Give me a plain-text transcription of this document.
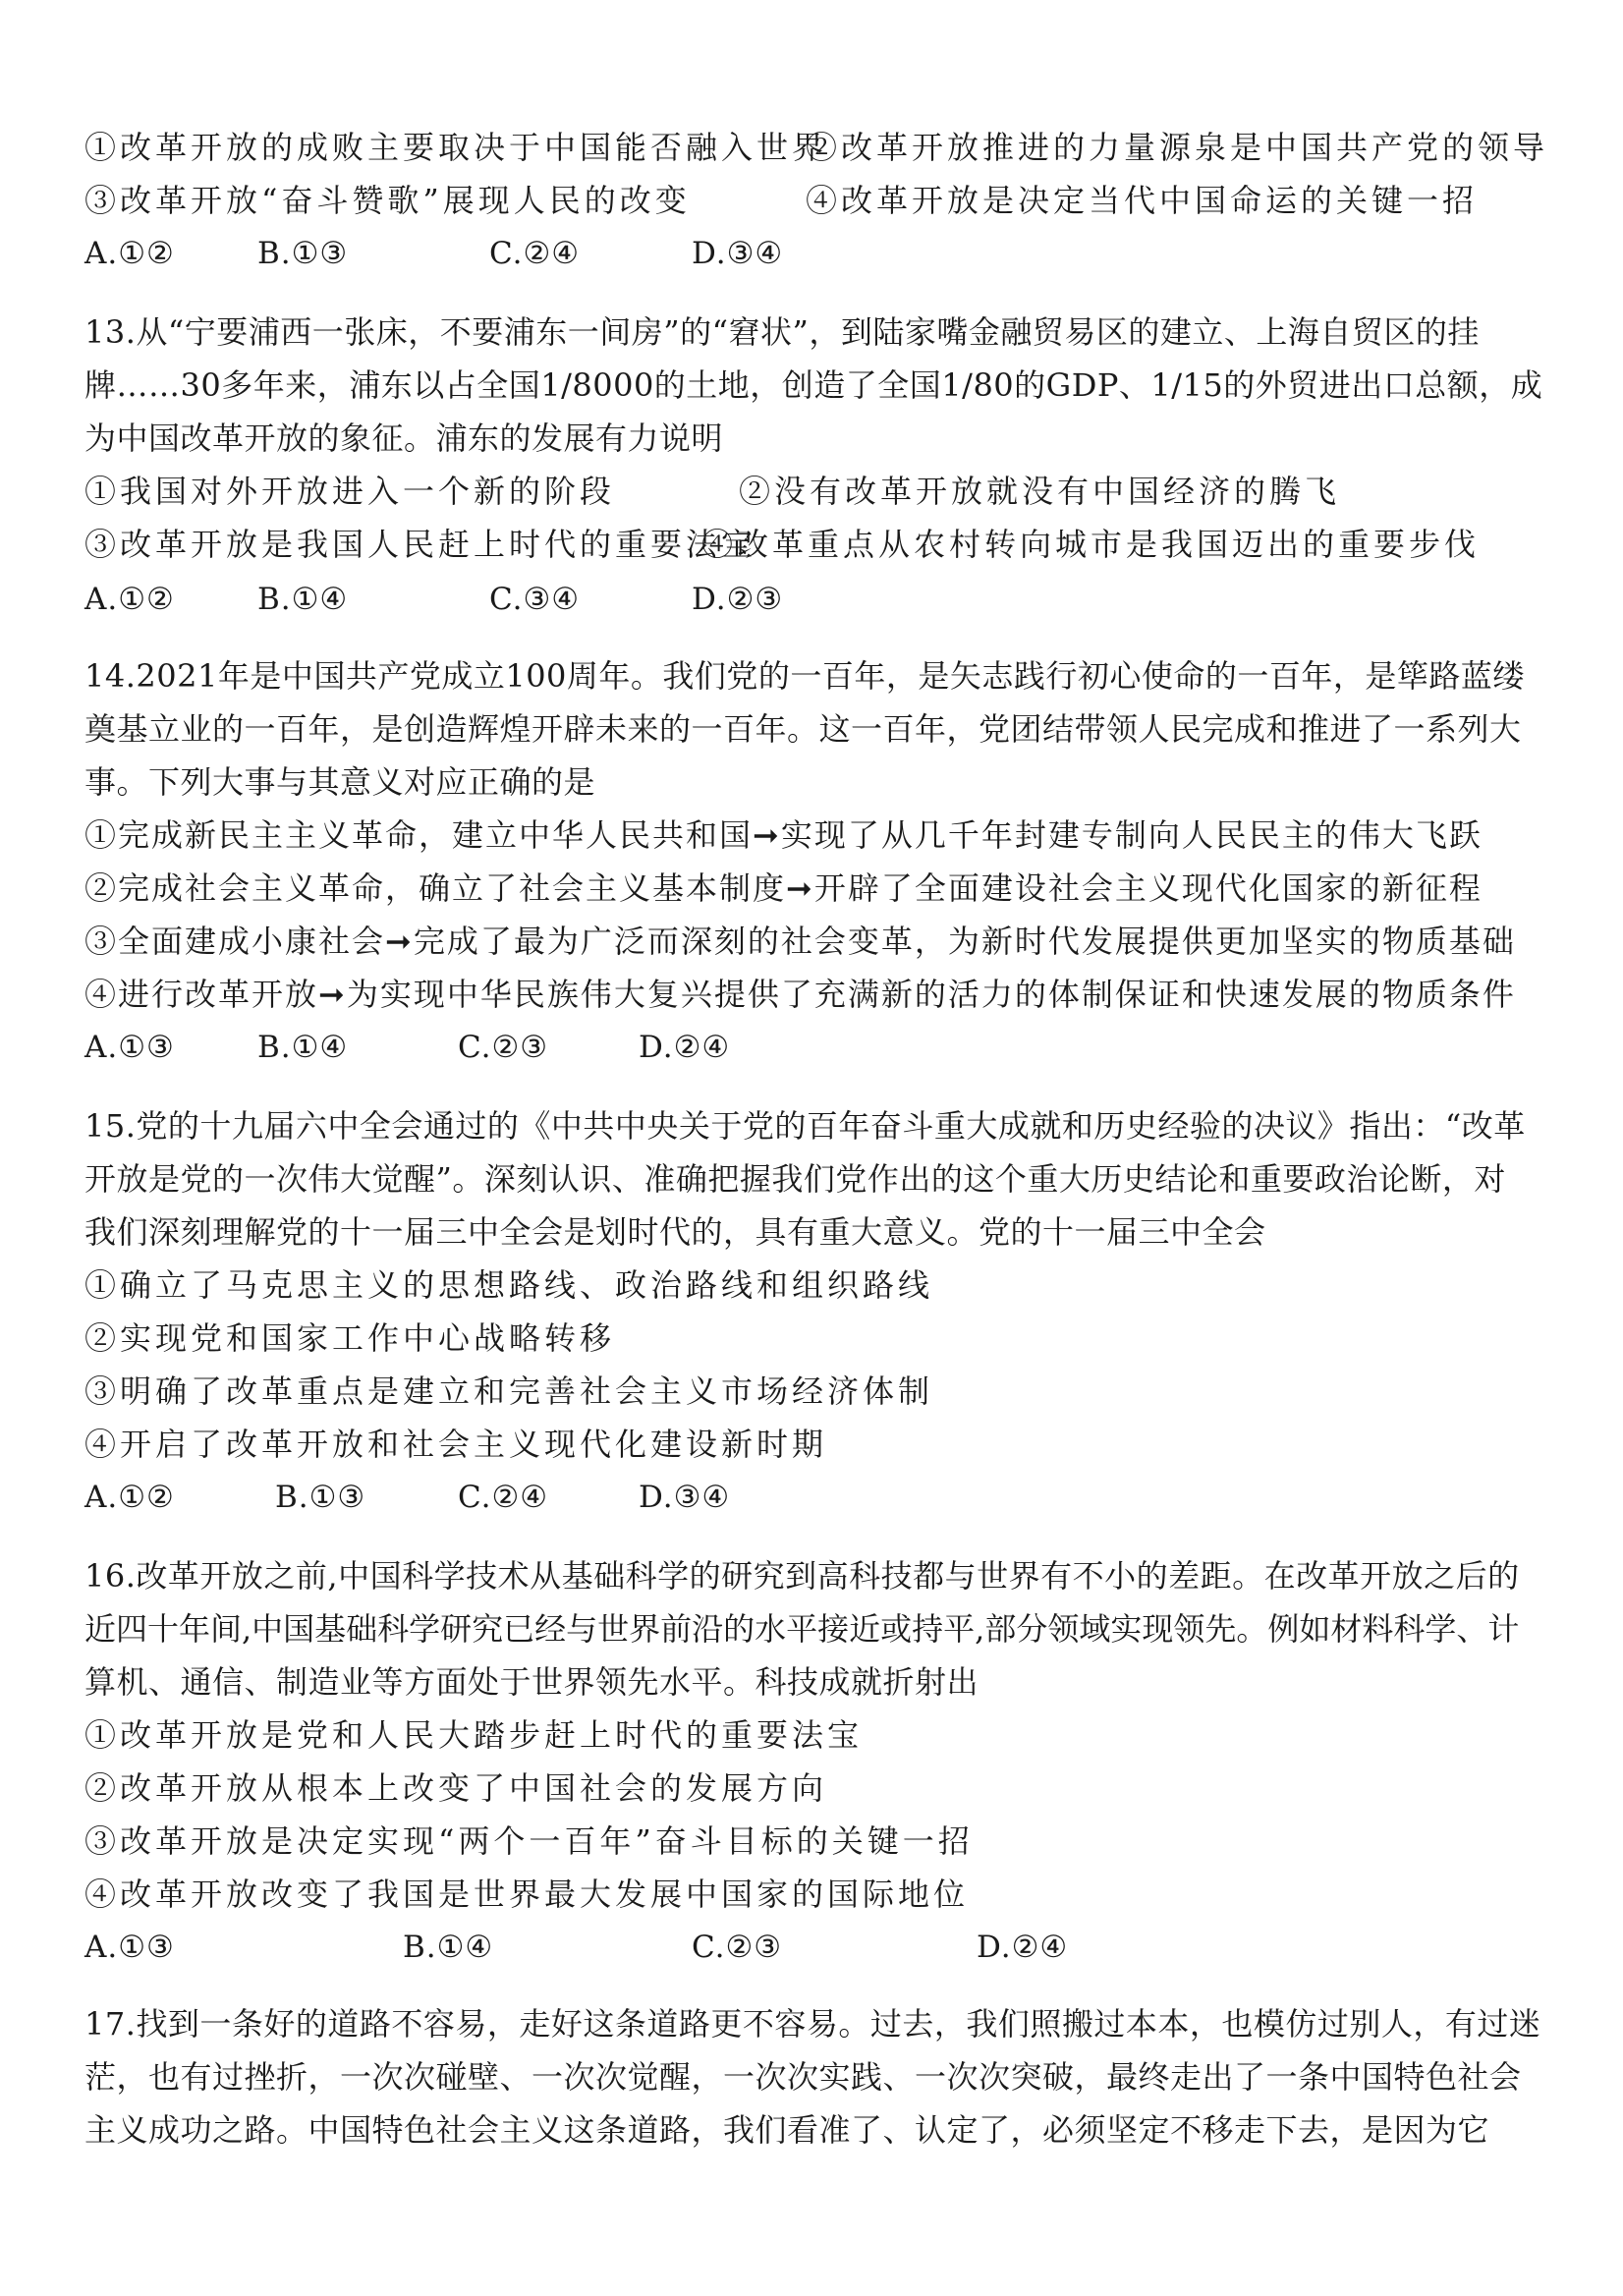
①改革开放的成败主要取决于中国能否融入世界
②改革开放推进的力量源泉是中国共产党的领导
③改革开放“奋斗赞歌”展现人民的改变	④改革开放是决定当代中国命运的关键一招
A.①②	B.①③	C.②④	D.③④
13.从“宁要浦西一张床，不要浦东一间房”的“窘状”，到陆家嘴金融贸易区的建立、上海自贸区的挂
牌……30多年来，浦东以占全国1/8000的土地，创造了全国1/80的GDP、1/15的外贸进出口总额，成
为中国改革开放的象征。浦东的发展有力说明
①我国对外开放进入一个新的阶段	②没有改革开放就没有中国经济的腾飞
③改革开放是我国人民赶上时代的重要法宝
④改革重点从农村转向城市是我国迈出的重要步伐
A.①②	B.①④	C.③④	D.②③
14.2021年是中国共产党成立100周年。我们党的一百年，是矢志践行初心使命的一百年，是筚路蓝缕
奠基立业的一百年，是创造辉煌开辟未来的一百年。这一百年，党团结带领人民完成和推进了一系列大
事。下列大事与其意义对应正确的是
①完成新民主主义革命，建立中华人民共和国➞实现了从几千年封建专制向人民民主的伟大飞跃
②完成社会主义革命，确立了社会主义基本制度➞开辟了全面建设社会主义现代化国家的新征程
③全面建成小康社会➞完成了最为广泛而深刻的社会变革，为新时代发展提供更加坚实的物质基础
④进行改革开放➞为实现中华民族伟大复兴提供了充满新的活力的体制保证和快速发展的物质条件
A.①③	B.①④	C.②③	D.②④
15.党的十九届六中全会通过的《中共中央关于党的百年奋斗重大成就和历史经验的决议》指出：“改革
开放是党的一次伟大觉醒”。深刻认识、准确把握我们党作出的这个重大历史结论和重要政治论断，对
我们深刻理解党的十一届三中全会是划时代的，具有重大意义。党的十一届三中全会
①确立了马克思主义的思想路线、政治路线和组织路线
②实现党和国家工作中心战略转移
③明确了改革重点是建立和完善社会主义市场经济体制
④开启了改革开放和社会主义现代化建设新时期
A.①②	B.①③	C.②④	D.③④
16.改革开放之前,中国科学技术从基础科学的研究到高科技都与世界有不小的差距。在改革开放之后的
近四十年间,中国基础科学研究已经与世界前沿的水平接近或持平,部分领域实现领先。例如材料科学、计
算机、通信、制造业等方面处于世界领先水平。科技成就折射出
①改革开放是党和人民大踏步赶上时代的重要法宝
②改革开放从根本上改变了中国社会的发展方向
③改革开放是决定实现“两个一百年”奋斗目标的关键一招
④改革开放改变了我国是世界最大发展中国家的国际地位
A.①③	B.①④	C.②③	D.②④
17.找到一条好的道路不容易，走好这条道路更不容易。过去，我们照搬过本本，也模仿过别人，有过迷
茫，也有过挫折，一次次碰壁、一次次觉醒，一次次实践、一次次突破，最终走出了一条中国特色社会
主义成功之路。中国特色社会主义这条道路，我们看准了、认定了，必须坚定不移走下去，是因为它
